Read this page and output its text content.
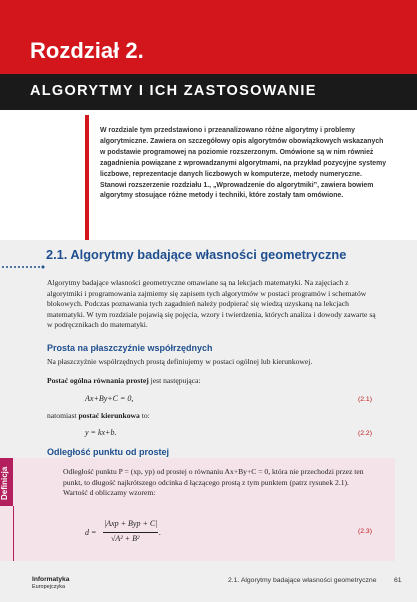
Rozdział 2.
ALGORYTMY I ICH ZASTOSOWANIE
W rozdziale tym przedstawiono i przeanalizowano różne algorytmy i problemy algorytmiczne. Zawiera on szczegółowy opis algorytmów obowiązkowych wskazanych w podstawie programowej na poziomie rozszerzonym. Omówione są w nim również zagadnienia powiązane z wprowadzanymi algorytmami, na przykład pozycyjne systemy liczbowe, reprezentacje danych liczbowych w komputerze, metody numeryczne. Stanowi rozszerzenie rozdziału 1., „Wprowadzenie do algorytmiki”, zawiera bowiem algorytmy stosujące różne metody i techniki, które zostały tam omówione.
2.1. Algorytmy badające własności geometryczne
Algorytmy badające własności geometryczne omawiane są na lekcjach matematyki. Na zajęciach z algorytmiki i programowania zajmiemy się zapisem tych algorytmów w postaci programów i schematów blokowych. Podczas poznawania tych zagadnień należy podpierać się wiedzą uzyskaną na lekcjach matematyki. W tym rozdziale pojawią się pojęcia, wzory i twierdzenia, których analiza i dowody zawarte są w podręcznikach do matematyki.
Prosta na płaszczyźnie współrzędnych
Na płaszczyźnie współrzędnych prostą definiujemy w postaci ogólnej lub kierunkowej.
Postać ogólna równania prostej jest następująca:
Ax+By+C = 0,	(2.1)
natomiast postać kierunkowa to:
y = kx+b.	(2.2)
Odległość punktu od prostej
Definicja	Odległość punktu P = (xp, yp) od prostej o równaniu Ax+By+C = 0, która nie przechodzi przez ten punkt, to długość najkrótszego odcinka d łączącego prostą z tym punktem (patrz rysunek 2.1). Wartość d obliczamy wzorem:
d =
|Axp + Byp + C|
√A² + B²
.	(2.3)
Informatyka
Europejczyka
2.1. Algorytmy badające własności geometryczne	61
